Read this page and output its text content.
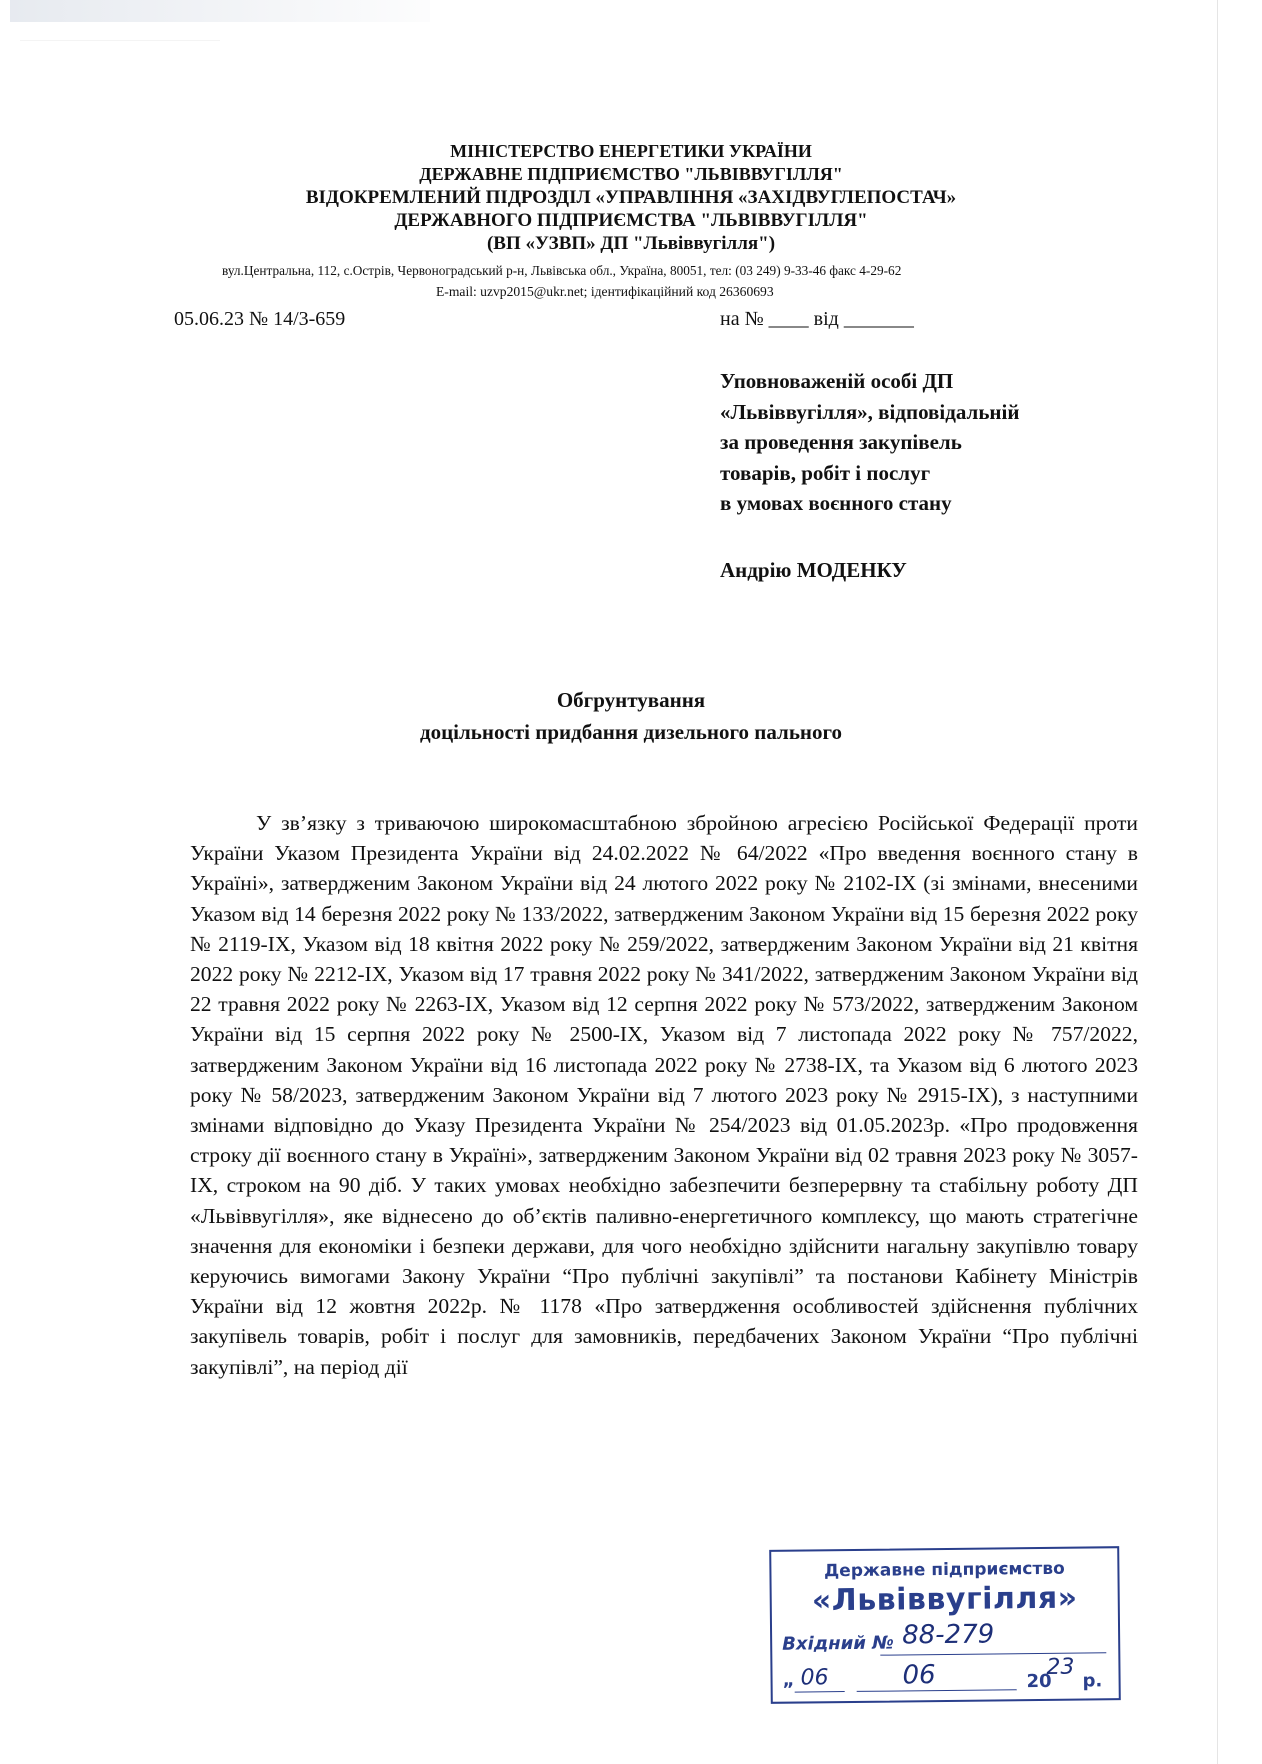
МІНІСТЕРСТВО ЕНЕРГЕТИКИ УКРАЇНИ

ДЕРЖАВНЕ ПІДПРИЄМСТВО "ЛЬВІВВУГІЛЛЯ"

ВІДОКРЕМЛЕНИЙ ПІДРОЗДІЛ «УПРАВЛІННЯ «ЗАХІДВУГЛЕПОСТАЧ»

ДЕРЖАВНОГО ПІДПРИЄМСТВА "ЛЬВІВВУГІЛЛЯ"

(ВП «УЗВП» ДП "Львіввугілля")

вул.Центральна, 112, с.Острів, Червоноградський р-н, Львівська обл., Україна, 80051, тел: (03 249) 9-33-46 факс 4-29-62
E-mail: uzvp2015@ukr.net; ідентифікаційний код 26360693
05.06.23 № 14/3-659	на № ____ від _______

Уповноваженій особі ДП

«Львіввугілля», відповідальній

за проведення закупівель

товарів, робіт і послуг

в умовах воєнного стану

Андрію МОДЕНКУ

Обгрунтування

доцільності придбання дизельного пального

У зв’язку з триваючою широкомасштабною збройною агресією Російської Федерації проти України Указом Президента України від 24.02.2022 № 64/2022 «Про введення воєнного стану в Україні», затвердженим Законом України від 24 лютого 2022 року № 2102-IX (зі змінами, внесеними Указом від 14 березня 2022 року № 133/2022, затвердженим Законом України від 15 березня 2022 року № 2119-IX, Указом від 18 квітня 2022 року № 259/2022, затвердженим Законом України від 21 квітня 2022 року № 2212-IX, Указом від 17 травня 2022 року № 341/2022, затвердженим Законом України від 22 травня 2022 року № 2263-IX, Указом від 12 серпня 2022 року № 573/2022, затвердженим Законом України від 15 серпня 2022 року № 2500-IX, Указом від 7 листопада 2022 року № 757/2022, затвердженим Законом України від 16 листопада 2022 року № 2738-IX, та Указом від 6 лютого 2023 року № 58/2023, затвердженим Законом України від 7 лютого 2023 року № 2915-IX), з наступними змінами відповідно до Указу Президента України № 254/2023 від 01.05.2023р. «Про продовження строку дії воєнного стану в Україні», затвердженим Законом України від 02 травня 2023 року № 3057-IX, строком на 90 діб. У таких умовах необхідно забезпечити безперервну та стабільну роботу ДП «Львіввугілля», яке віднесено до об’єктів паливно-енергетичного комплексу, що мають стратегічне значення для економіки і безпеки держави, для чого необхідно здійснити нагальну закупівлю товару керуючись вимогами Закону України “Про публічні закупівлі” та постанови Кабінету Міністрів України від 12 жовтня 2022р. № 1178 «Про затвердження особливостей здійснення публічних закупівель товарів, робіт і послуг для замовників, передбачених Законом України “Про публічні закупівлі”, на період дії

Державне підприємство
«Львіввугілля»
Вхідний № 88-279
„ 06	06	20
23
р.
